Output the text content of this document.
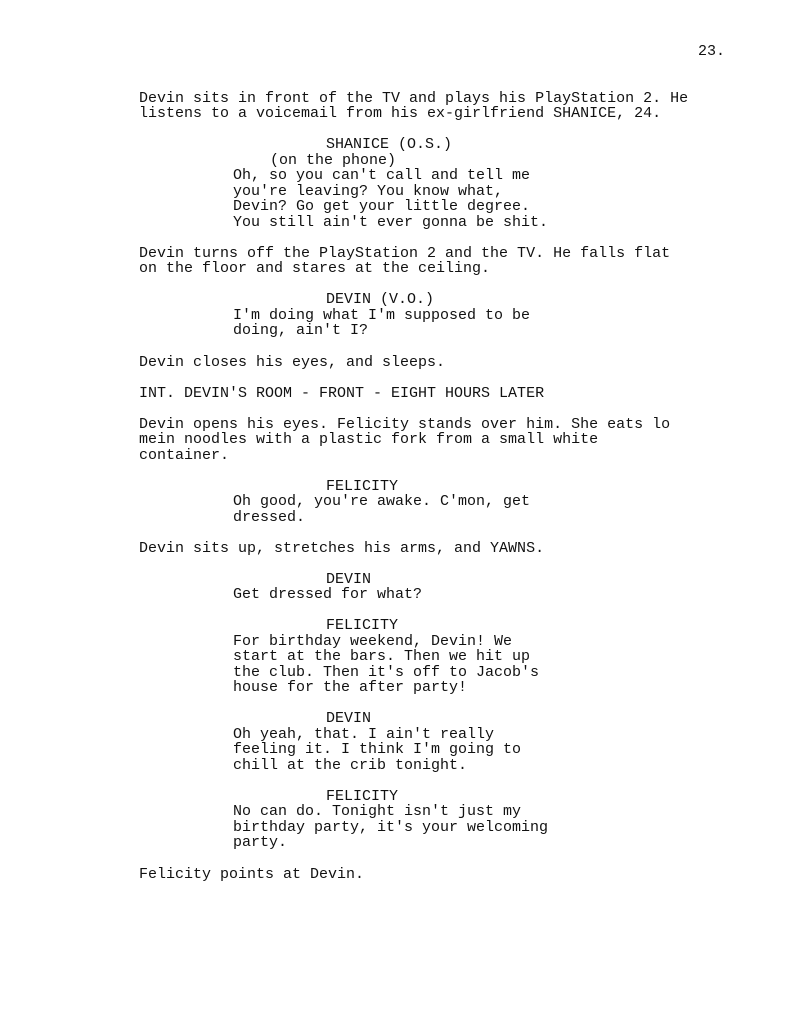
23.
Devin sits in front of the TV and plays his PlayStation 2. He
listens to a voicemail from his ex-girlfriend SHANICE, 24.
SHANICE (O.S.)
(on the phone)
Oh, so you can't call and tell me
you're leaving? You know what,
Devin? Go get your little degree.
You still ain't ever gonna be shit.
Devin turns off the PlayStation 2 and the TV. He falls flat
on the floor and stares at the ceiling.
DEVIN (V.O.)
I'm doing what I'm supposed to be
doing, ain't I?
Devin closes his eyes, and sleeps.
INT. DEVIN'S ROOM - FRONT - EIGHT HOURS LATER
Devin opens his eyes. Felicity stands over him. She eats lo
mein noodles with a plastic fork from a small white
container.
FELICITY
Oh good, you're awake. C'mon, get
dressed.
Devin sits up, stretches his arms, and YAWNS.
DEVIN
Get dressed for what?
FELICITY
For birthday weekend, Devin! We
start at the bars. Then we hit up
the club. Then it's off to Jacob's
house for the after party!
DEVIN
Oh yeah, that. I ain't really
feeling it. I think I'm going to
chill at the crib tonight.
FELICITY
No can do. Tonight isn't just my
birthday party, it's your welcoming
party.
Felicity points at Devin.
